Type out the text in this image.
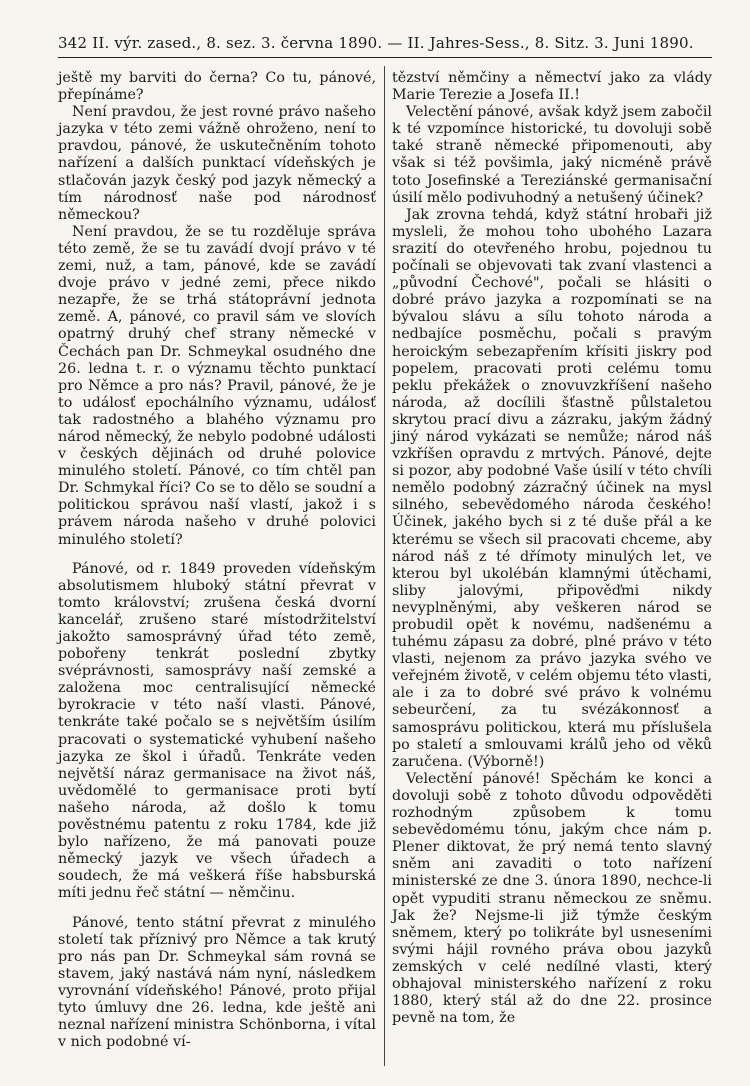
342 II. výr. zased., 8. sez. 3. června 1890. — II. Jahres-Sess., 8. Sitz. 3. Juni 1890.

ještě my barviti do černa? Co tu, pánové, přepínáme?

Není pravdou, že jest rovné právo našeho jazyka v této zemi vážně ohroženo, není to pravdou, pánové, že uskutečněním tohoto nařízení a dalších punktací vídeňských je stlačován jazyk český pod jazyk německý a tím národnosť naše pod národnosť německou?

Není pravdou, že se tu rozděluje správa této země, že se tu zavádí dvojí právo v té zemi, nuž, a tam, pánové, kde se zavádí dvoje právo v jedné zemi, přece nikdo nezapře, že se trhá státoprávní jednota země. A, pánové, co pravil sám ve slovích opatrný druhý chef strany německé v Čechách pan Dr. Schmeykal osudného dne 26. ledna t. r. o významu těchto punktací pro Němce a pro nás? Pravil, pánové, že je to událosť epochálního významu, událosť tak radostného a blahého významu pro národ německý, že nebylo podobné události v českých dějinách od druhé polovice minulého století. Pánové, co tím chtěl pan Dr. Schmykal říci? Co se to dělo se soudní a politickou správou naší vlastí, jakož i s právem národa našeho v druhé polovici minulého století?

Pánové, od r. 1849 proveden vídeňským absolutismem hluboký státní převrat v tomto království; zrušena česká dvorní kancelář, zrušeno staré místodržitelství jakožto samosprávný úřad této země, pobořeny tenkrát poslední zbytky svéprávnosti, samosprávy naší zemské a založena moc centralisující německé byrokracie v této naší vlasti. Pánové, tenkráte také počalo se s největším úsilím pracovati o systematické vyhubení našeho jazyka ze škol i úřadů. Tenkráte veden největší náraz germanisace na život náš, uvědomělé to germanisace proti bytí našeho národa, až došlo k tomu pověstnému patentu z roku 1784, kde již bylo nařízeno, že má panovati pouze německý jazyk ve všech úřadech a soudech, že má veškerá říše habsburská míti jednu řeč státní — němčinu.

Pánové, tento státní převrat z minulého století tak příznivý pro Němce a tak krutý pro nás pan Dr. Schmeykal sám rovná se stavem, jaký nastává nám nyní, následkem vyrovnání vídeňského! Pánové, proto přijal tyto úmluvy dne 26. ledna, kde ještě ani neznal nařízení ministra Schönborna, i vítal v nich podobné ví-

tězství němčiny a němectví jako za vlády Marie Terezie a Josefa II.!

Velectění pánové, avšak když jsem zabočil k té vzpomínce historické, tu dovoluji sobě také straně německé připomenouti, aby však si též povšimla, jaký nicméně právě toto Josefinské a Tereziánské germanisační úsilí mělo podivuhodný a netušený účinek?

Jak zrovna tehdá, když státní hrobaři již mysleli, že mohou toho ubohého Lazara srazití do otevřeného hrobu, pojednou tu počínali se objevovati tak zvaní vlastenci a „původní Čechové", počali se hlásiti o dobré právo jazyka a rozpomínati se na bývalou slávu a sílu tohoto národa a nedbajíce posměchu, počali s pravým heroickým sebezapřením křísiti jiskry pod popelem, pracovati proti celému tomu peklu překážek o znovuvzkříšení našeho národa, až docílili šťastně půlstaletou skrytou prací divu a zázraku, jakým žádný jiný národ vykázati se nemůže; národ náš vzkříšen opravdu z mrtvých. Pánové, dejte si pozor, aby podobné Vaše úsilí v této chvíli nemělo podobný zázračný účinek na mysl silného, sebevědomého národa českého! Účinek, jakého bych si z té duše přál a ke kterému se všech sil pracovati chceme, aby národ náš z té dřímoty minulých let, ve kterou byl ukolébán klamnými útěchami, sliby jalovými, připověďmi nikdy nevyplněnými, aby veškeren národ se probudil opět k novému, nadšenému a tuhému zápasu za dobré, plné právo v této vlasti, nejenom za právo jazyka svého ve veřejném životě, v celém objemu této vlasti, ale i za to dobré své právo k volnému sebeurčení, za tu svézákonnosť a samosprávu politickou, která mu příslušela po staletí a smlouvami králů jeho od věků zaručena. (Výborně!)

Velectění pánové! Spěchám ke konci a dovoluji sobě z tohoto důvodu odpověděti rozhodným způsobem k tomu sebevědomému tónu, jakým chce nám p. Plener diktovat, že prý nemá tento slavný sněm ani zavaditi o toto nařízení ministerské ze dne 3. února 1890, nechce-li opět vypuditi stranu německou ze sněmu. Jak že? Nejsme-li již týmže českým sněmem, který po tolikráte byl usneseními svými hájil rovného práva obou jazyků zemských v celé nedílné vlasti, který obhajoval ministerského nařízení z roku 1880, který stál až do dne 22. prosince pevně na tom, že
